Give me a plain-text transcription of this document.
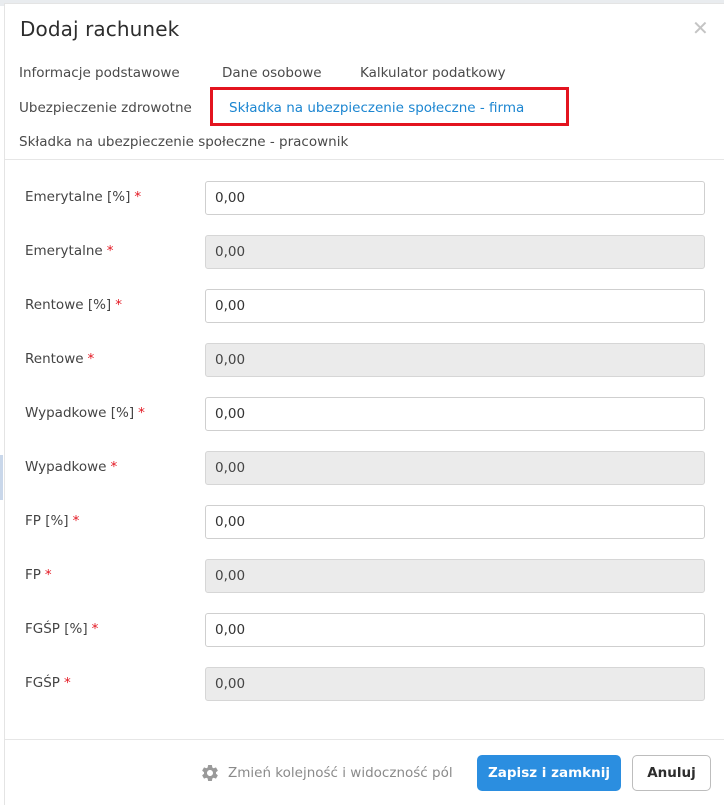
Dodaj rachunek	✕
Informacje podstawowe	Dane osobowe	Kalkulator podatkowy
Ubezpieczenie zdrowotne	Składka na ubezpieczenie społeczne - firma
Składka na ubezpieczenie społeczne - pracownik
Emerytalne [%] *
0,00
Emerytalne *
0,00
Rentowe [%] *
0,00
Rentowe *
0,00
Wypadkowe [%] *
0,00
Wypadkowe *
0,00
FP [%] *
0,00
FP *
0,00
FGŚP [%] *
0,00
FGŚP *
0,00
Zmień kolejność i widoczność pól	Zapisz i zamknij	Anuluj
